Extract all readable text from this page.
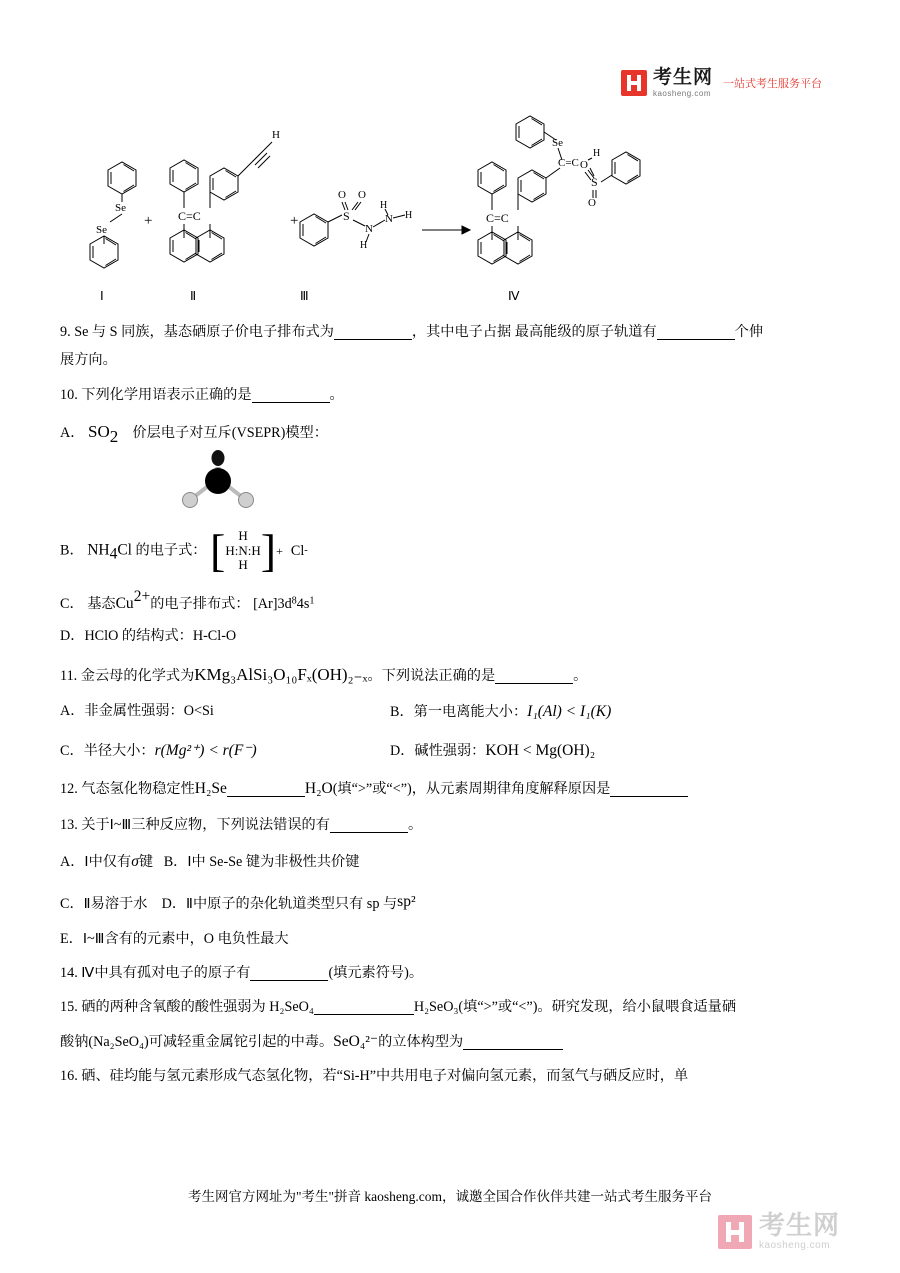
考生网
kaosheng.com
一站式考生服务平台
Se
Se
+ C=C
H
+	S
O O
N
H
N
H
H	C=C
C=C
H
Se
S
O
O
Ⅰ	Ⅱ	Ⅲ	Ⅳ

9. Se 与 S 同族，基态硒原子价电子排布式为	，其中电子占据 最高能级的原子轨道有	个伸

展方向。

10. 下列化学用语表示正确的是	。

A． $SO_2$ 价层电子对互斥(VSEPR)模型：

B． $NH_4Cl$ 的电子式： [	H
H:N:H
H ] + Cl -

C． 基态$Cu^{2+}$的电子排布式： $[Ar]3d^84s^1$

D．HClO 的结构式：H-Cl-O

11. 金云母的化学式为KMg₃AlSi₃O₁₀Fₓ(OH)₂₋ₓ。下列说法正确的是	。

A．非金属性强弱：O<Si	B．第一电离能大小：I₁(Al) < I₁(K)
C．半径大小：r(Mg²⁺) < r(F⁻)	D．碱性强弱：KOH < Mg(OH)₂

12. 气态氢化物稳定性H₂Se	H₂O(填“>”或“<”)，从元素周期律角度解释原因是

13. 关于Ⅰ~Ⅲ三种反应物，下列说法错误的有	。

A．Ⅰ中仅有σ键 B．Ⅰ中 Se-Se 键为非极性共价键

C．Ⅱ易溶于水 D．Ⅱ中原子的杂化轨道类型只有 sp 与sp²

E．Ⅰ~Ⅲ含有的元素中，O 电负性最大

14. Ⅳ中具有孤对电子的原子有	(填元素符号)。

15. 硒的两种含氧酸的酸性强弱为 H₂SeO₄	H₂SeO₃(填“>”或“<”)。研究发现，给小鼠喂食适量硒

酸钠(Na₂SeO₄)可减轻重金属铊引起的中毒。SeO₄²⁻的立体构型为

16. 硒、硅均能与氢元素形成气态氢化物，若“Si-H”中共用电子对偏向氢元素，而氢气与硒反应时，单

考生网官方网址为"考生"拼音 kaosheng.com，诚邀全国合作伙伴共建一站式考生服务平台
考生网
kaosheng.com
